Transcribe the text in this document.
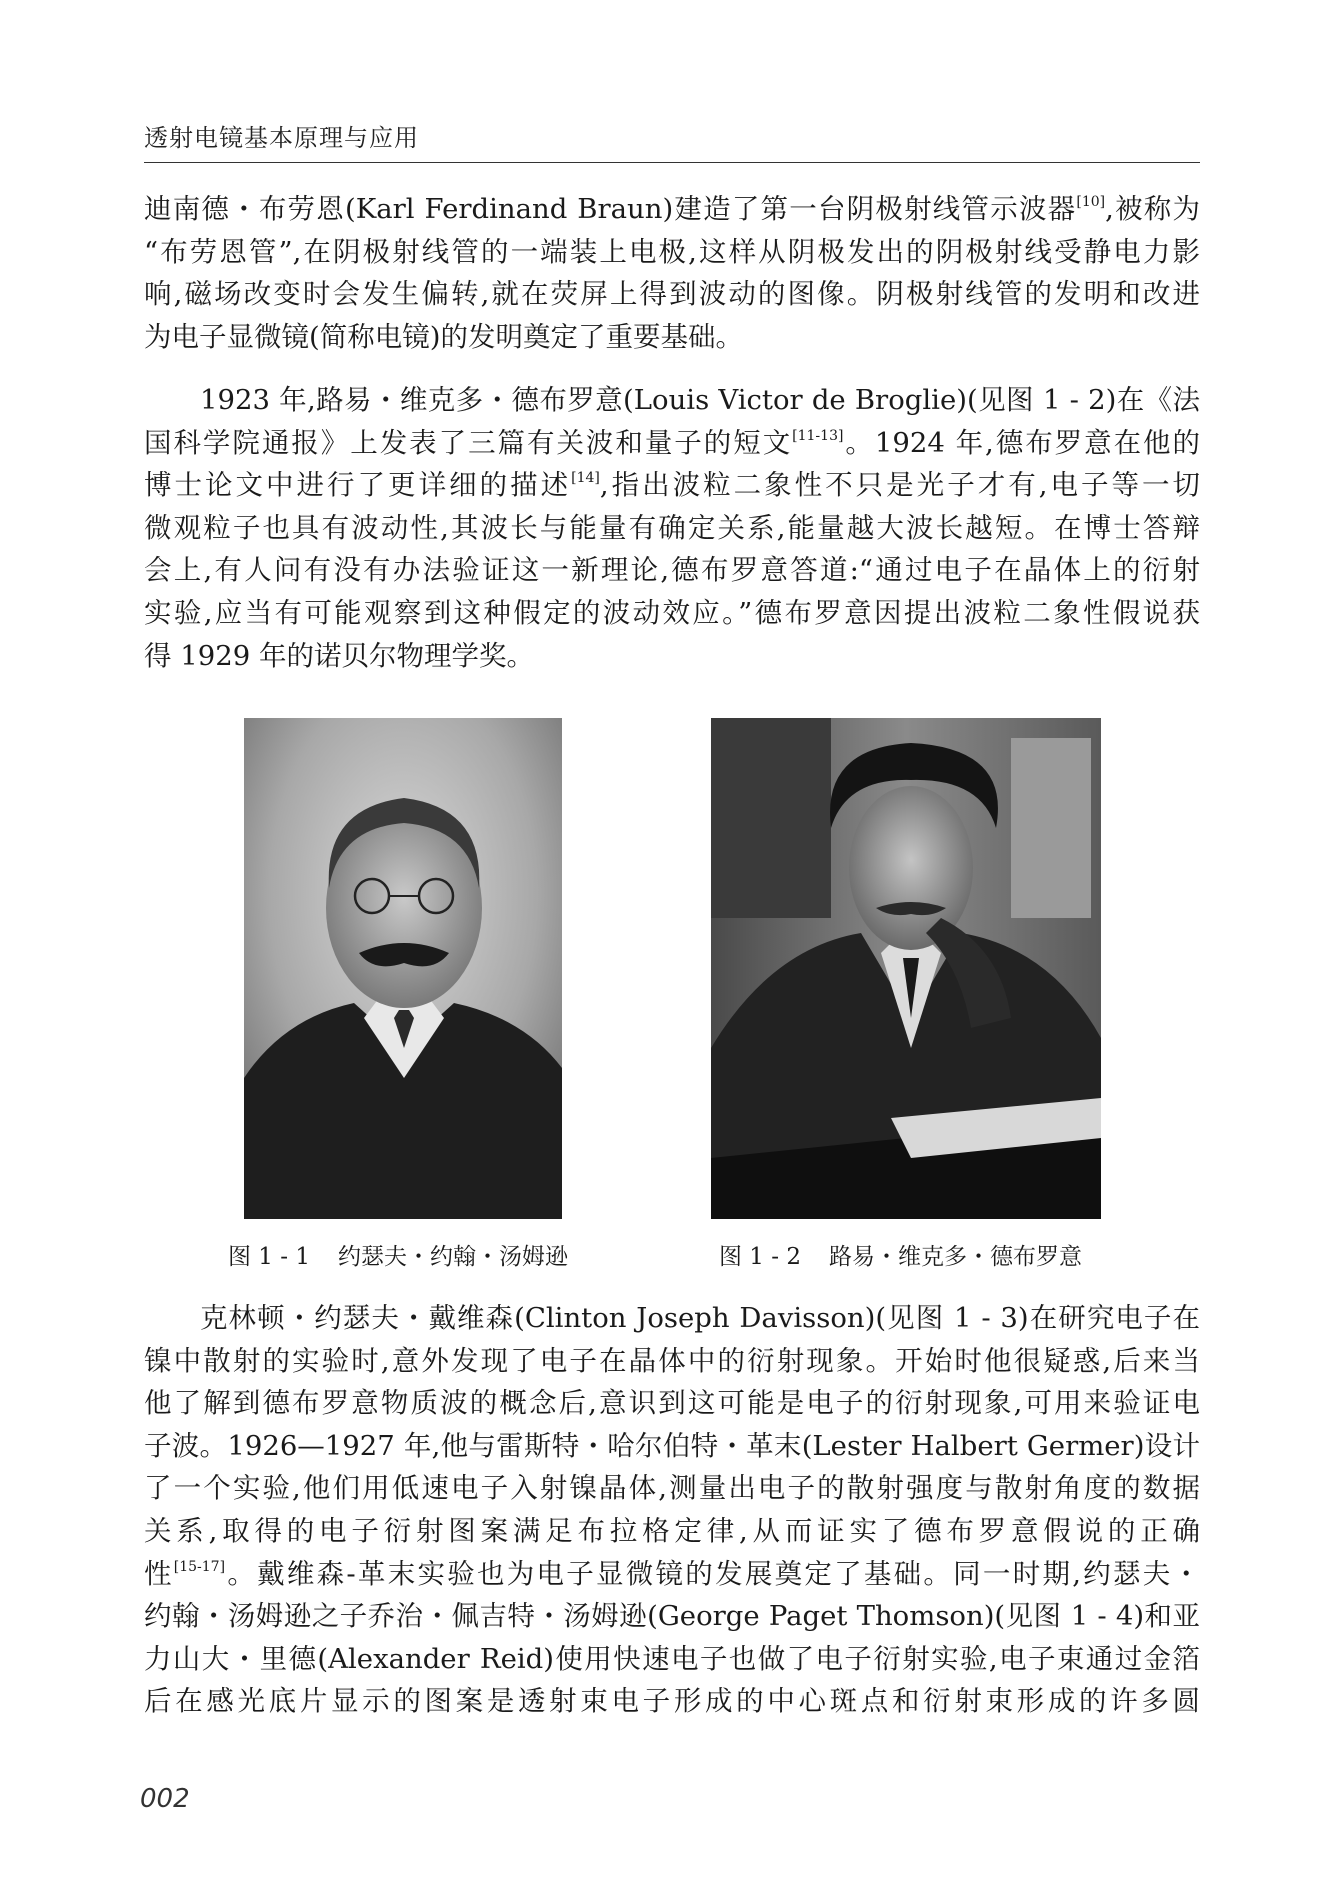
透射电镜基本原理与应用
迪南德・布劳恩(Karl Ferdinand Braun)建造了第一台阴极射线管示波器[10],被称为
“布劳恩管”,在阴极射线管的一端装上电极,这样从阴极发出的阴极射线受静电力影
响,磁场改变时会发生偏转,就在荧屏上得到波动的图像。阴极射线管的发明和改进
为电子显微镜(简称电镜)的发明奠定了重要基础。
1923 年,路易・维克多・德布罗意(Louis Victor de Broglie)(见图 1 - 2)在《法
国科学院通报》上发表了三篇有关波和量子的短文[11-13]。1924 年,德布罗意在他的
博士论文中进行了更详细的描述[14],指出波粒二象性不只是光子才有,电子等一切
微观粒子也具有波动性,其波长与能量有确定关系,能量越大波长越短。在博士答辩
会上,有人问有没有办法验证这一新理论,德布罗意答道:“通过电子在晶体上的衍射
实验,应当有可能观察到这种假定的波动效应。”德布罗意因提出波粒二象性假说获
得 1929 年的诺贝尔物理学奖。
图 1 - 1 约瑟夫・约翰・汤姆逊	图 1 - 2 路易・维克多・德布罗意
克林顿・约瑟夫・戴维森(Clinton Joseph Davisson)(见图 1 - 3)在研究电子在
镍中散射的实验时,意外发现了电子在晶体中的衍射现象。开始时他很疑惑,后来当
他了解到德布罗意物质波的概念后,意识到这可能是电子的衍射现象,可用来验证电
子波。1926—1927 年,他与雷斯特・哈尔伯特・革末(Lester Halbert Germer)设计
了一个实验,他们用低速电子入射镍晶体,测量出电子的散射强度与散射角度的数据
关系,取得的电子衍射图案满足布拉格定律,从而证实了德布罗意假说的正确
性[15-17]。戴维森-革末实验也为电子显微镜的发展奠定了基础。同一时期,约瑟夫・
约翰・汤姆逊之子乔治・佩吉特・汤姆逊(George Paget Thomson)(见图 1 - 4)和亚
力山大・里德(Alexander Reid)使用快速电子也做了电子衍射实验,电子束通过金箔
后在感光底片显示的图案是透射束电子形成的中心斑点和衍射束形成的许多圆
002
